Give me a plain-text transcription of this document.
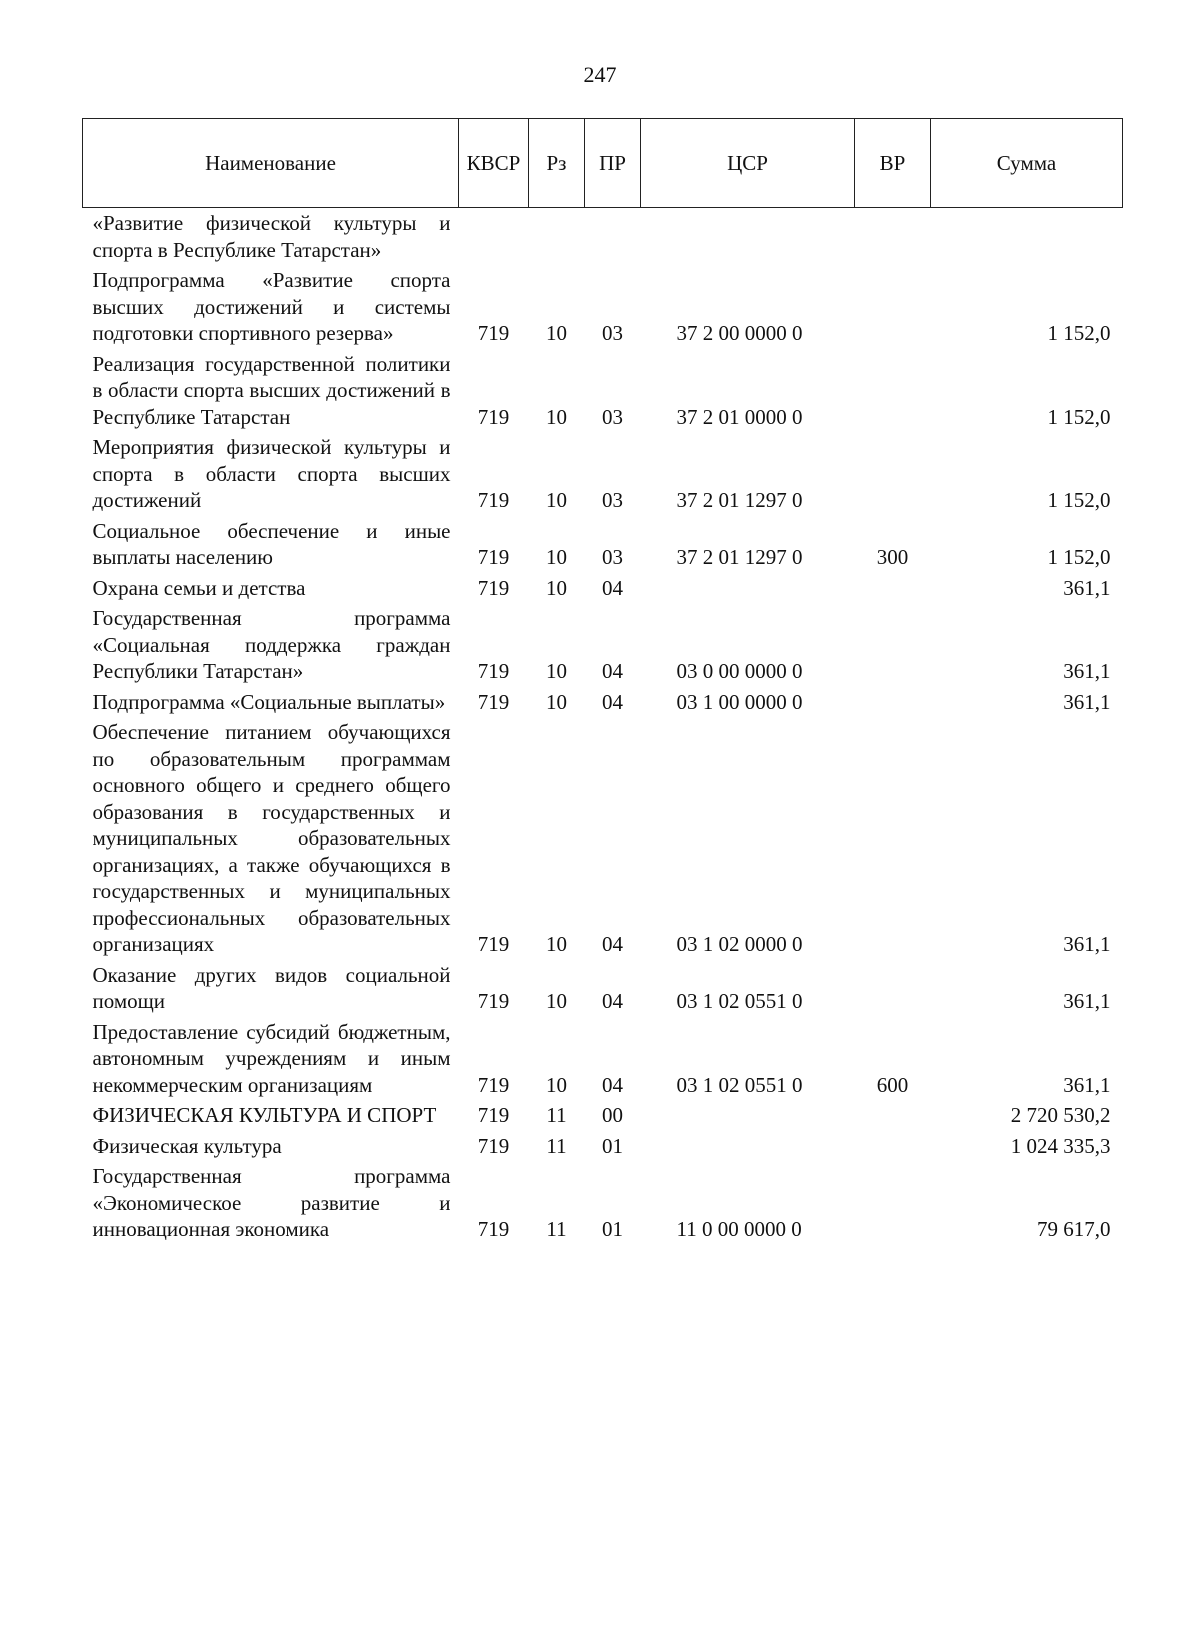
247
Наименование	КВСР	Рз	ПР	ЦСР	ВР	Сумма
«Развитие физической культуры и спорта в Республике Татарстан»						
Подпрограмма «Развитие спорта высших достижений и системы подготовки спортивного резерва»	719	10	03	37 2 00 0000 0		1 152,0
Реализация государственной политики в области спорта высших достижений в Республике Татарстан	719	10	03	37 2 01 0000 0		1 152,0
Мероприятия физической культуры и спорта в области спорта высших достижений	719	10	03	37 2 01 1297 0		1 152,0
Социальное обеспечение и иные выплаты населению	719	10	03	37 2 01 1297 0	300	1 152,0
Охрана семьи и детства	719	10	04			361,1
Государственная программа «Социальная поддержка граждан Республики Татарстан»	719	10	04	03 0 00 0000 0		361,1
Подпрограмма «Социальные выплаты»	719	10	04	03 1 00 0000 0		361,1
Обеспечение питанием обучающихся по образовательным программам основного общего и среднего общего образования в государственных и муниципальных образовательных организациях, а также обучающихся в государственных и муниципальных профессиональных образовательных организациях	719	10	04	03 1 02 0000 0		361,1
Оказание других видов социальной помощи	719	10	04	03 1 02 0551 0		361,1
Предоставление субсидий бюджетным, автономным учреждениям и иным некоммерческим организациям	719	10	04	03 1 02 0551 0	600	361,1
ФИЗИЧЕСКАЯ КУЛЬТУРА И СПОРТ	719	11	00			2 720 530,2
Физическая культура	719	11	01			1 024 335,3
Государственная программа «Экономическое развитие и инновационная экономика	719	11	01	11 0 00 0000 0		79 617,0
